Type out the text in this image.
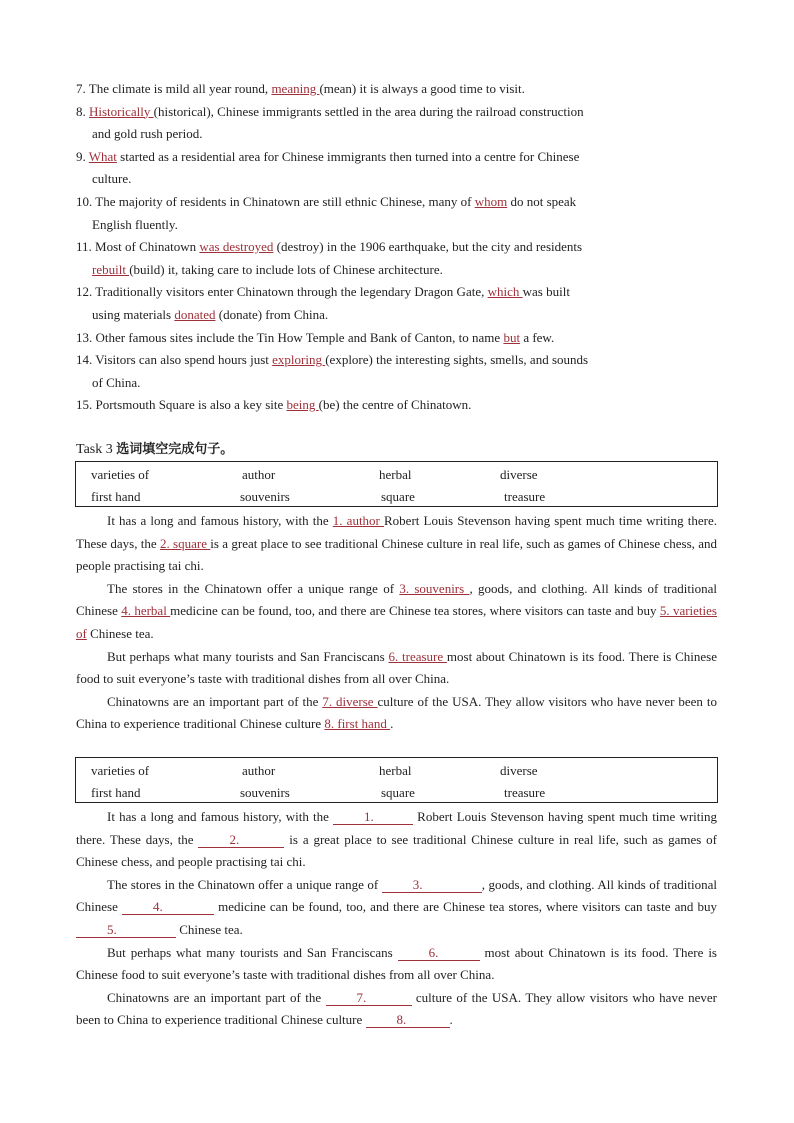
7. The climate is mild all year round, meaning (mean) it is always a good time to visit.
8. Historically (historical), Chinese immigrants settled in the area during the railroad construction
and gold rush period.
9. What started as a residential area for Chinese immigrants then turned into a centre for Chinese
culture.
10. The majority of residents in Chinatown are still ethnic Chinese, many of whom do not speak
English fluently.
11. Most of Chinatown was destroyed (destroy) in the 1906 earthquake, but the city and residents
rebuilt (build) it, taking care to include lots of Chinese architecture.
12. Traditionally visitors enter Chinatown through the legendary Dragon Gate, which was built
using materials donated (donate) from China.
13. Other famous sites include the Tin How Temple and Bank of Canton, to name but a few.
14. Visitors can also spend hours just exploring (explore) the interesting sights, smells, and sounds
of China.
15. Portsmouth Square is also a key site being (be) the centre of Chinatown.
Task 3 选词填空完成句子。
varieties of	author	herbal	diverse
first hand	souvenirs	square	treasure

It has a long and famous history, with the 1. author Robert Louis Stevenson having spent much time writing there. These days, the 2. square is a great place to see traditional Chinese culture in real life, such as games of Chinese chess, and people practising tai chi.

The stores in the Chinatown offer a unique range of 3. souvenirs , goods, and clothing. All kinds of traditional Chinese 4. herbal medicine can be found, too, and there are Chinese tea stores, where visitors can taste and buy 5. varieties of Chinese tea.

But perhaps what many tourists and San Franciscans 6. treasure most about Chinatown is its food. There is Chinese food to suit everyone’s taste with traditional dishes from all over China.

Chinatowns are an important part of the 7. diverse culture of the USA. They allow visitors who have never been to China to experience traditional Chinese culture 8. first hand .

varieties of	author	herbal	diverse
first hand	souvenirs	square	treasure

It has a long and famous history, with the 1.	Robert Louis Stevenson having spent much time writing there. These days, the 2.	is a great place to see traditional Chinese culture in real life, such as games of Chinese chess, and people practising tai chi.

The stores in the Chinatown offer a unique range of 3.	, goods, and clothing. All kinds of traditional Chinese 4.	medicine can be found, too, and there are Chinese tea stores, where visitors can taste and buy 5.	Chinese tea.

But perhaps what many tourists and San Franciscans 6.	most about Chinatown is its food. There is Chinese food to suit everyone’s taste with traditional dishes from all over China.

Chinatowns are an important part of the 7.	culture of the USA. They allow visitors who have never been to China to experience traditional Chinese culture 8.	.
